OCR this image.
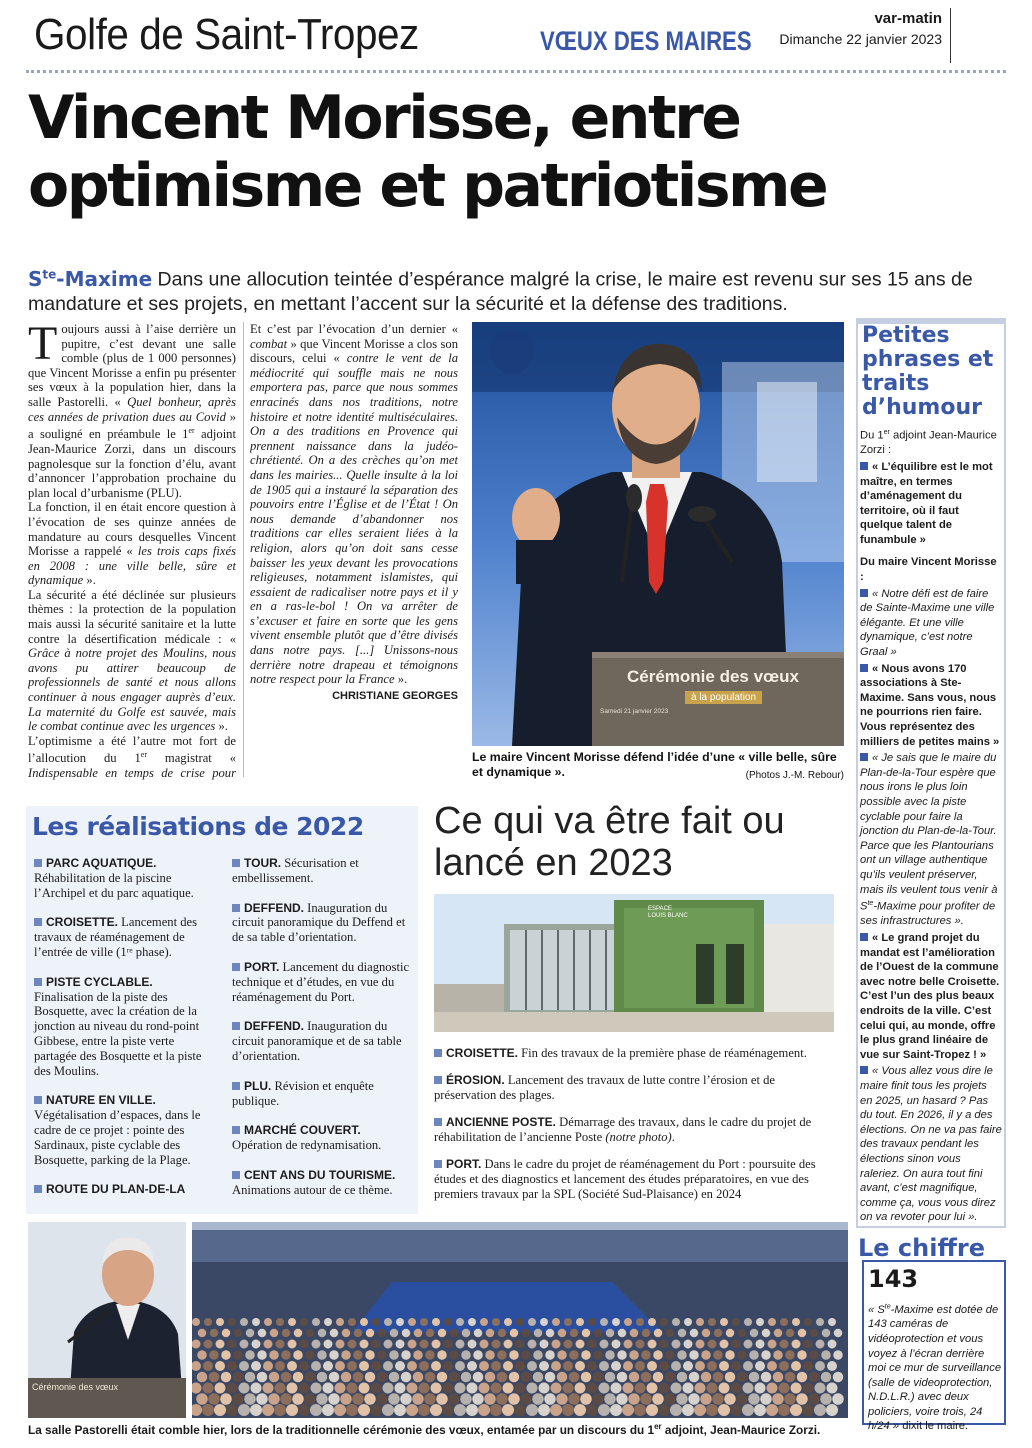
Golfe de Saint-Tropez	VŒUX DES MAIRES
var-matin
Dimanche 22 janvier 2023
Vincent Morisse, entre optimisme et patriotisme
$S^{te}$-Maxime Dans une allocution teintée d’espérance malgré la crise, le maire est revenu sur ses 15 ans de mandature et ses projets, en mettant l’accent sur la sécurité et la défense des traditions.

Toujours aussi à l’aise derrière un pupitre, c’est devant une salle comble (plus de 1 000 personnes) que Vincent Morisse a enfin pu présenter ses vœux à la population hier, dans la salle Pastorelli. « Quel bonheur, après ces années de privation dues au Covid » a souligné en préambule le 1er adjoint Jean-Maurice Zorzi, dans un discours pagnolesque sur la fonction d’élu, avant d’annoncer l’approbation prochaine du plan local d’urbanisme (PLU).

La fonction, il en était encore question à l’évocation de ses quinze années de mandature au cours desquelles Vincent Morisse a rappelé « les trois caps fixés en 2008 : une ville belle, sûre et dynamique ».

La sécurité a été déclinée sur plusieurs thèmes : la protection de la population mais aussi la sécurité sanitaire et la lutte contre la désertification médicale : « Grâce à notre projet des Moulins, nous avons pu attirer beaucoup de professionnels de santé et nous allons continuer à nous engager auprès d’eux. La maternité du Golfe est sauvée, mais le combat continue avec les urgences ».

L’optimisme a été l’autre mot fort de l’allocution du 1er magistrat « Indispensable en temps de crise pour

Et c’est par l’évocation d’un dernier « combat » que Vincent Morisse a clos son discours, celui « contre le vent de la médiocrité qui souffle mais ne nous emportera pas, parce que nous sommes enracinés dans nos traditions, notre histoire et notre identité multiséculaires. On a des traditions en Provence qui prennent naissance dans la judéo-chrétienté. On a des crèches qu’on met dans les mairies... Quelle insulte à la loi de 1905 qui a instauré la séparation des pouvoirs entre l’Église et de l’État ! On nous demande d’abandonner nos traditions car elles seraient liées à la religion, alors qu’on doit sans cesse baisser les yeux devant les provocations religieuses, notamment islamistes, qui essaient de radicaliser notre pays et il y en a ras-le-bol ! On va arrêter de s’excuser et faire en sorte que les gens vivent ensemble plutôt que d’être divisés dans notre pays. [...] Unissons-nous derrière notre drapeau et témoignons notre respect pour la France ».

CHRISTIANE GEORGES
Cérémonie des vœux
à la population
Samedi 21 janvier 2023
Le maire Vincent Morisse défend l’idée d’une « ville belle, sûre et dynamique ».	(Photos J.-M. Rebour)
Petites phrases et traits d’humour
Du 1er adjoint Jean-Maurice Zorzi :
« L’équilibre est le mot maître, en termes d’aménagement du territoire, où il faut quelque talent de funambule »
Du maire Vincent Morisse :
« Notre défi est de faire de Sainte-Maxime une ville élégante. Et une ville dynamique, c’est notre Graal »
« Nous avons 170 associations à Ste-Maxime. Sans vous, nous ne pourrions rien faire. Vous représentez des milliers de petites mains »
« Je sais que le maire du Plan-de-la-Tour espère que nous irons le plus loin possible avec la piste cyclable pour faire la jonction du Plan-de-la-Tour. Parce que les Plantourians ont un village authentique qu’ils veulent préserver, mais ils veulent tous venir à $S^{te}$-Maxime pour profiter de ses infrastructures ».
« Le grand projet du mandat est l’amélioration de l’Ouest de la commune avec notre belle Croisette. C’est l’un des plus beaux endroits de la ville. C’est celui qui, au monde, offre le plus grand linéaire de vue sur Saint-Tropez ! »
« Vous allez vous dire le maire finit tous les projets en 2025, un hasard ? Pas du tout. En 2026, il y a des élections. On ne va pas faire des travaux pendant les élections sinon vous raleriez. On aura tout fini avant, c’est magnifique, comme ça, vous vous direz on va revoter pour lui ».
Le chiffre
143
« $S^{te}$-Maxime est dotée de 143 caméras de vidéoprotection et vous voyez à l’écran derrière moi ce mur de surveillance (salle de videoprotection, N.D.L.R.) avec deux policiers, voire trois, 24 h/24 » dixit le maire.
Les réalisations de 2022
PARC AQUATIQUE. Réhabilitation de la piscine l’Archipel et du parc aquatique.
CROISETTE. Lancement des travaux de réaménagement de l’entrée de ville (1ʳᵉ phase).
PISTE CYCLABLE. Finalisation de la piste des Bosquette, avec la création de la jonction au niveau du rond-point Gibbese, entre la piste verte partagée des Bosquette et la piste des Moulins.
NATURE EN VILLE. Végétalisation d’espaces, dans le cadre de ce projet : pointe des Sardinaux, piste cyclable des Bosquette, parking de la Plage.
ROUTE DU PLAN-DE-LA
TOUR. Sécurisation et embellissement.
DEFFEND. Inauguration du circuit panoramique du Deffend et de sa table d’orientation.
PORT. Lancement du diagnostic technique et d’études, en vue du réaménagement du Port.
DEFFEND. Inauguration du circuit panoramique et de sa table d’orientation.
PLU. Révision et enquête publique.
MARCHÉ COUVERT. Opération de redynamisation.
CENT ANS DU TOURISME. Animations autour de ce thème.
Ce qui va être fait ou lancé en 2023
ESPACE
LOUIS BLANC
CROISETTE. Fin des travaux de la première phase de réaménagement.
ÉROSION. Lancement des travaux de lutte contre l’érosion et de préservation des plages.
ANCIENNE POSTE. Démarrage des travaux, dans le cadre du projet de réhabilitation de l’ancienne Poste (notre photo).
PORT. Dans le cadre du projet de réaménagement du Port : poursuite des études et des diagnostics et lancement des études préparatoires, en vue des premiers travaux par la SPL (Société Sud-Plaisance) en 2024
Cérémonie des vœux
La salle Pastorelli était comble hier, lors de la traditionnelle cérémonie des vœux, entamée par un discours du 1er adjoint, Jean-Maurice Zorzi.
